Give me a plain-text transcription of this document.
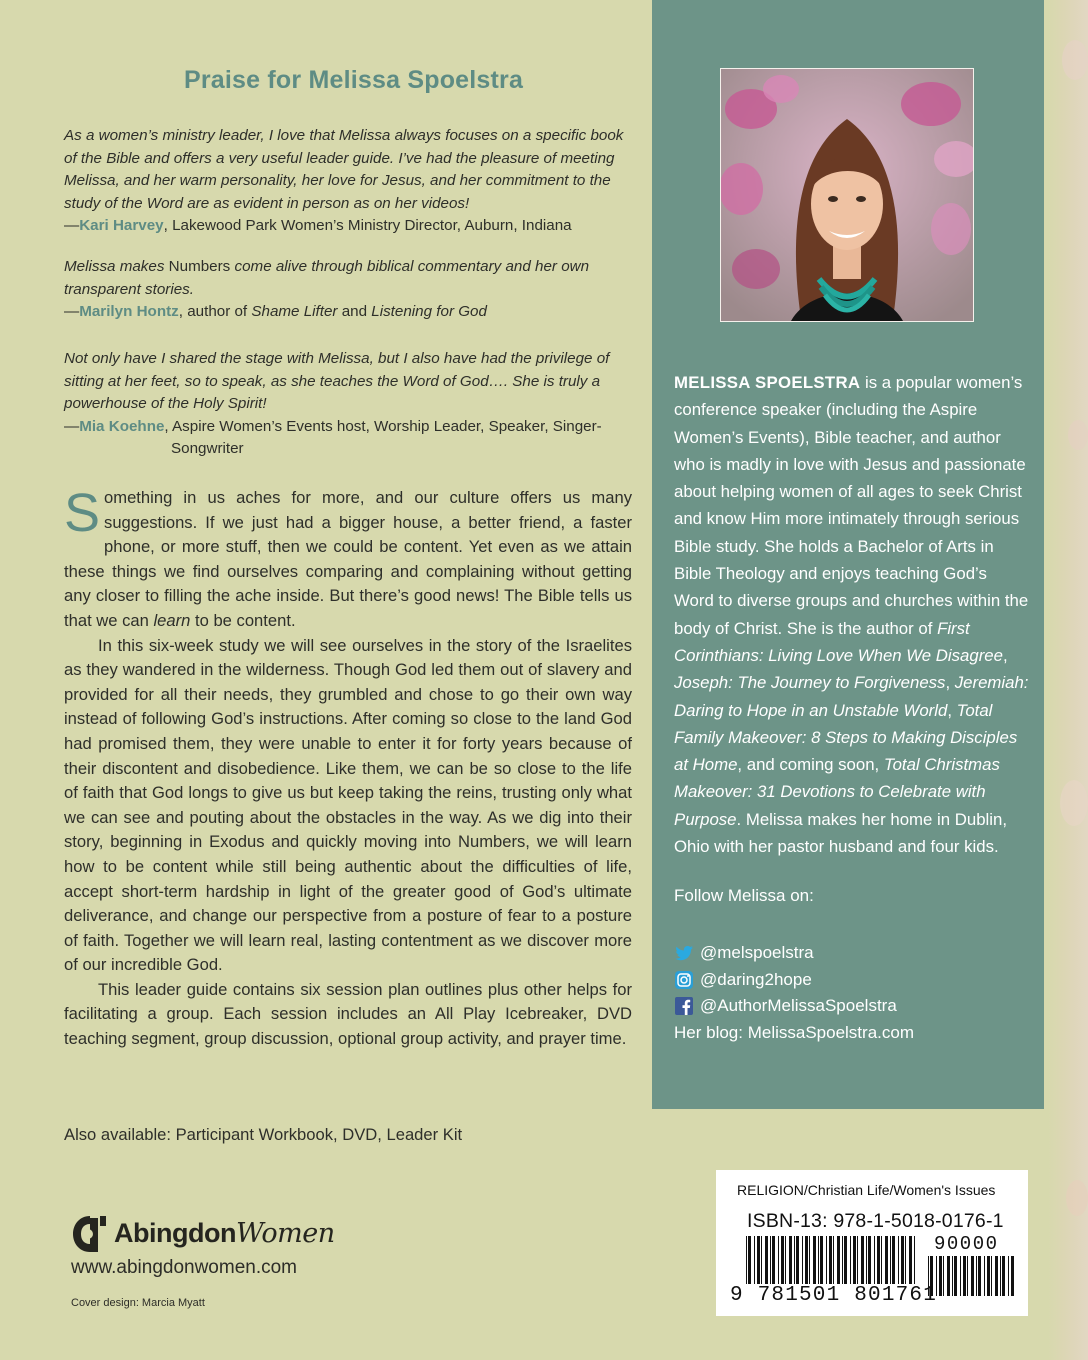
Praise for Melissa Spoelstra

As a women’s ministry leader, I love that Melissa always focuses on a specific book of the Bible and offers a very useful leader guide. I’ve had the pleasure of meeting Melissa, and her warm personality, her love for Jesus, and her commitment to the study of the Word are as evident in person as on her videos!

—Kari Harvey, Lakewood Park Women’s Ministry Director, Auburn, Indiana

Melissa makes Numbers come alive through biblical commentary and her own transparent stories.

—Marilyn Hontz, author of Shame Lifter and Listening for God

Not only have I shared the stage with Melissa, but I also have had the privilege of sitting at her feet, so to speak, as she teaches the Word of God…. She is truly a powerhouse of the Holy Spirit!

—Mia Koehne, Aspire Women’s Events host, Worship Leader, Speaker, Singer-Songwriter

Something in us aches for more, and our culture offers us many suggestions. If we just had a bigger house, a better friend, a faster phone, or more stuff, then we could be content. Yet even as we attain these things we find ourselves comparing and complaining without getting any closer to filling the ache inside. But there’s good news! The Bible tells us that we can learn to be content.

In this six-week study we will see ourselves in the story of the Israelites as they wandered in the wilderness. Though God led them out of slavery and provided for all their needs, they grumbled and chose to go their own way instead of following God’s instructions. After coming so close to the land God had promised them, they were unable to enter it for forty years because of their discontent and disobedience. Like them, we can be so close to the life of faith that God longs to give us but keep taking the reins, trusting only what we can see and pouting about the obstacles in the way. As we dig into their story, beginning in Exodus and quickly moving into Numbers, we will learn how to be content while still being authentic about the difficulties of life, accept short-term hardship in light of the greater good of God’s ultimate deliverance, and change our perspective from a posture of fear to a posture of faith. Together we will learn real, lasting contentment as we discover more of our incredible God.

This leader guide contains six session plan outlines plus other helps for facilitating a group. Each session includes an All Play Icebreaker, DVD teaching segment, group discussion, optional group activity, and prayer time.

Also available: Participant Workbook, DVD, Leader Kit

AbingdonWomen

www.abingdonwomen.com

Cover design: Marcia Myatt

MELISSA SPOELSTRA is a popular women’s conference speaker (including the Aspire Women’s Events), Bible teacher, and author who is madly in love with Jesus and passionate about helping women of all ages to seek Christ and know Him more intimately through serious Bible study. She holds a Bachelor of Arts in Bible Theology and enjoys teaching God’s Word to diverse groups and churches within the body of Christ. She is the author of First Corinthians: Living Love When We Disagree, Joseph: The Journey to Forgiveness, Jeremiah: Daring to Hope in an Unstable World, Total Family Makeover: 8 Steps to Making Disciples at Home, and coming soon, Total Christmas Makeover: 31 Devotions to Celebrate with Purpose. Melissa makes her home in Dublin, Ohio with her pastor husband and four kids.

Follow Melissa on:

@melspoelstra
@daring2hope
@AuthorMelissaSpoelstra
Her blog: MelissaSpoelstra.com

RELIGION/Christian Life/Women's Issues

ISBN-13: 978-1-5018-0176-1

9 781501 801761

90000
